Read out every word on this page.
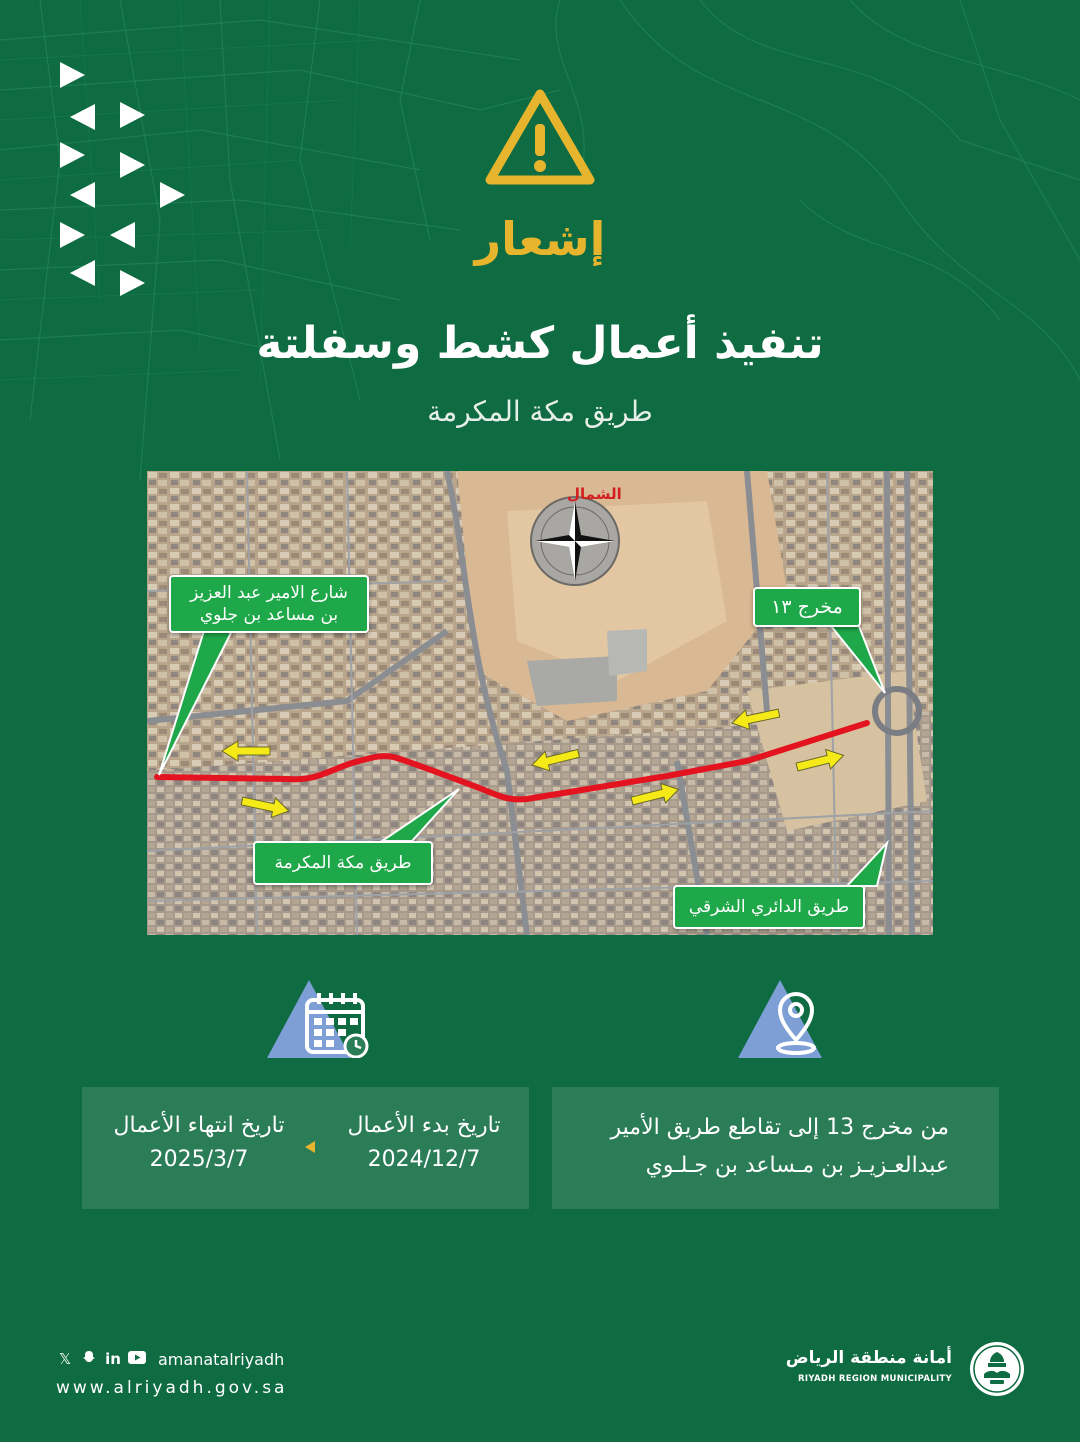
إشعار
تنفيذ أعمال كشط وسفلتة
طريق مكة المكرمة
الشمال
شارع الامير عبد العزيز بن مساعد بن جلوي	مخرج ١٣
طريق مكة المكرمة
طريق الدائري الشرقي
تاريخ بدء الأعمال
2024/12/7
تاريخ انتهاء الأعمال
2025/3/7
من مخرج 13 إلى تقاطع طريق الأمير
عبدالعـزيـز بن مـساعد بن جـلـوي
𝕏 in amanatalriyadh
www.alriyadh.gov.sa
أمانة منطقة الرياض
RIYADH REGION MUNICIPALITY
